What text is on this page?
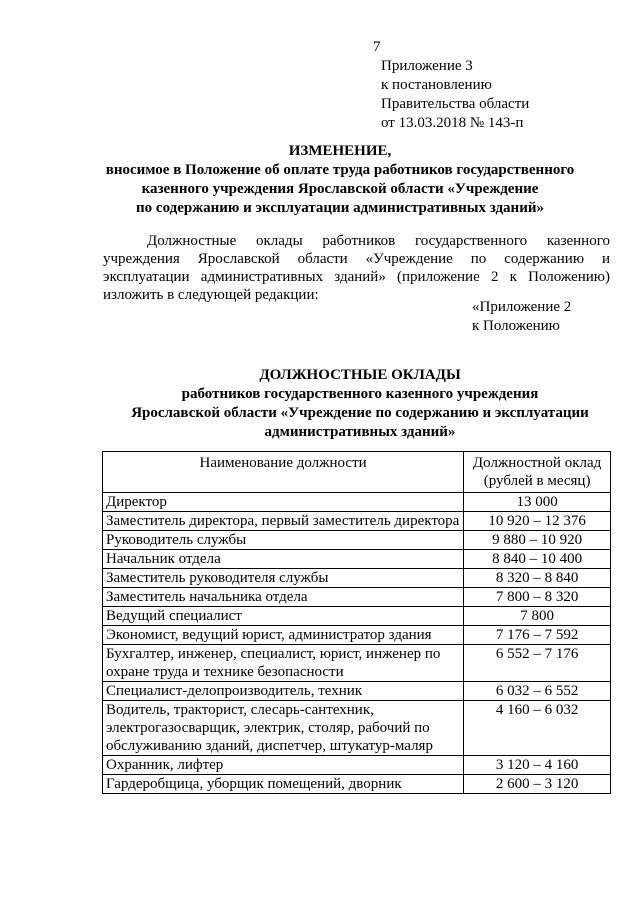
7
Приложение 3
к постановлению
Правительства области
от 13.03.2018 № 143-п
ИЗМЕНЕНИЕ,
вносимое в Положение об оплате труда работников государственного
казенного учреждения Ярославской области «Учреждение
по содержанию и эксплуатации административных зданий»
Должностные оклады работников государственного казенного учреждения Ярославской области «Учреждение по содержанию и эксплуатации административных зданий» (приложение 2 к Положению) изложить в следующей редакции:
«Приложение 2
к Положению
ДОЛЖНОСТНЫЕ ОКЛАДЫ
работников государственного казенного учреждения
Ярославской области «Учреждение по содержанию и эксплуатации
административных зданий»
Наименование должности	Должностной оклад
(рублей в месяц)

Директор	13 000
Заместитель директора, первый заместитель директора	10 920 – 12 376
Руководитель службы	9 880 – 10 920
Начальник отдела	8 840 – 10 400
Заместитель руководителя службы	8 320 – 8 840
Заместитель начальника отдела	7 800 – 8 320
Ведущий специалист	7 800
Экономист, ведущий юрист, администратор здания	7 176 – 7 592
Бухгалтер, инженер, специалист, юрист, инженер по охране труда и технике безопасности	6 552 – 7 176
Специалист-делопроизводитель, техник	6 032 – 6 552
Водитель, тракторист, слесарь-сантехник, электрогазосварщик, электрик, столяр, рабочий по обслуживанию зданий, диспетчер, штукатур-маляр	4 160 – 6 032
Охранник, лифтер	3 120 – 4 160
Гардеробщица, уборщик помещений, дворник	2 600 – 3 120
